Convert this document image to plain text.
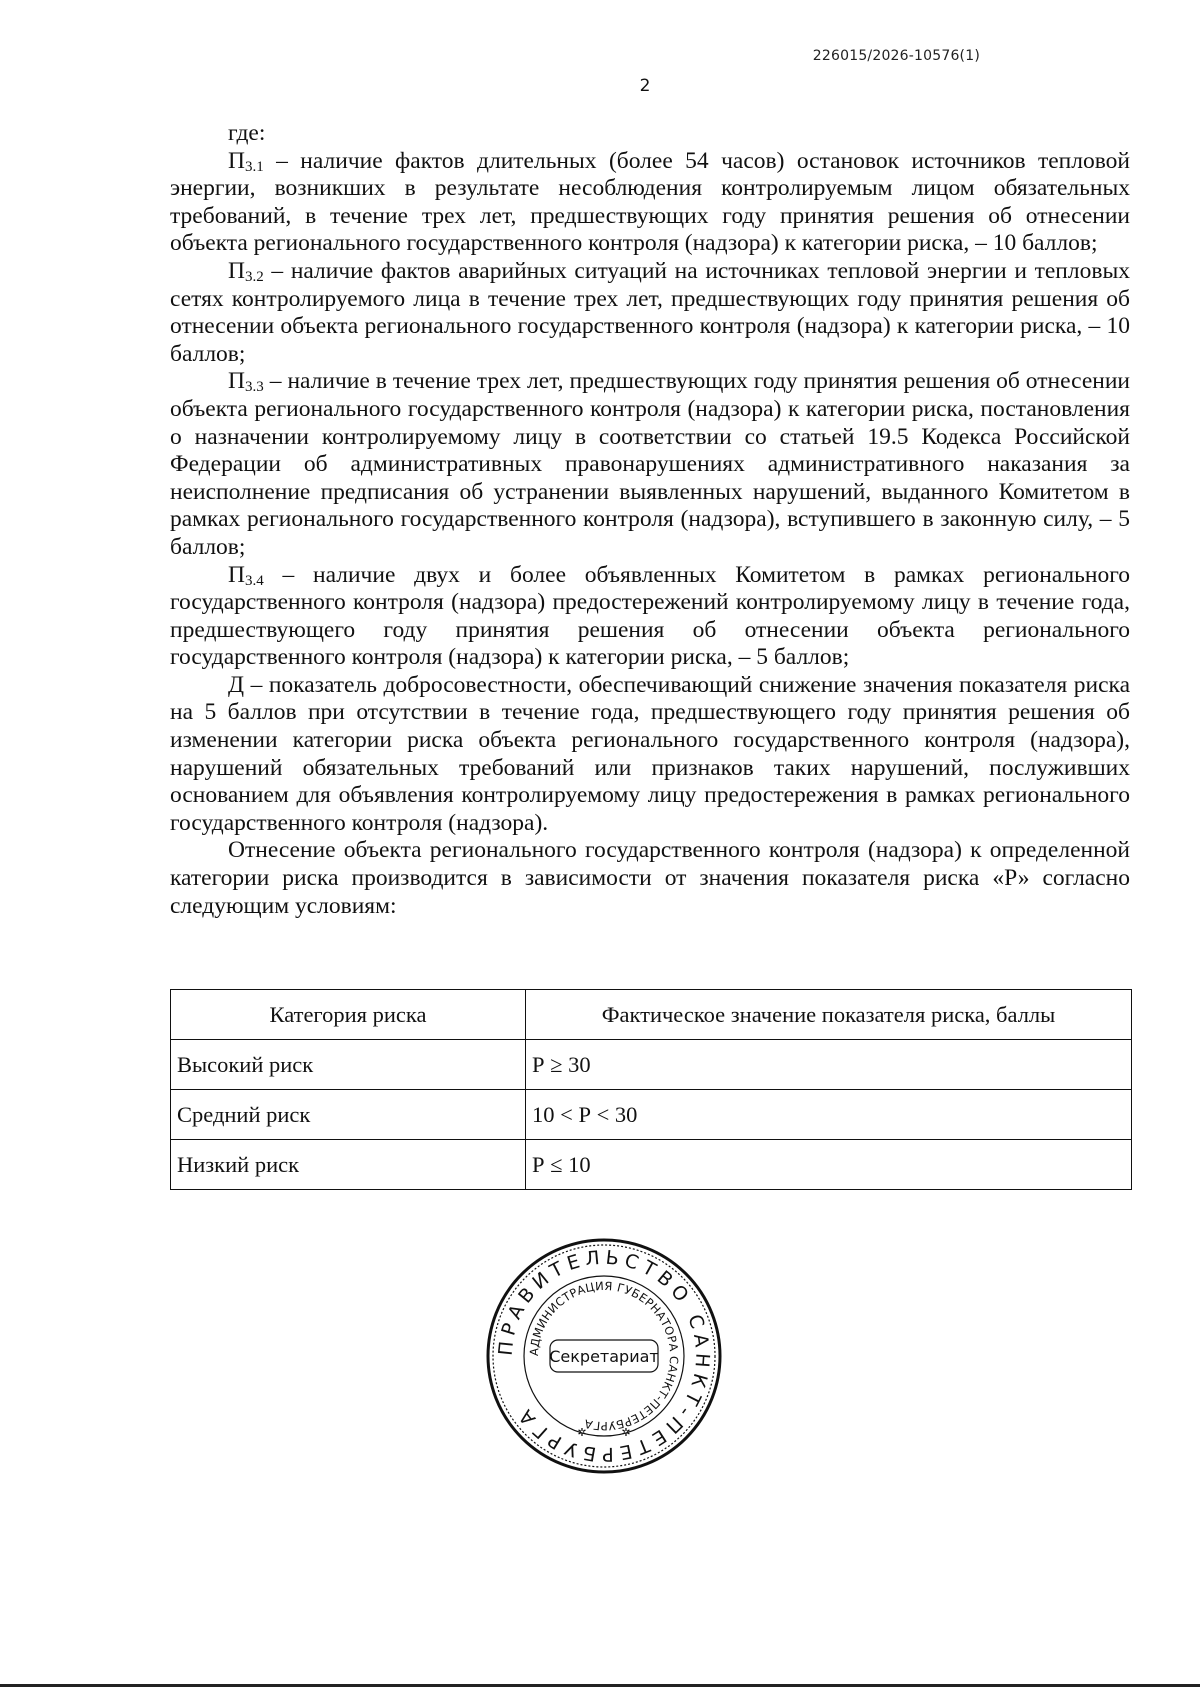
226015/2026-10576(1)
2

где:

$П_{3.1}$ – наличие фактов длительных (более 54 часов) остановок источников тепловой энергии, возникших в результате несоблюдения контролируемым лицом обязательных требований, в течение трех лет, предшествующих году принятия решения об отнесении объекта регионального государственного контроля (надзора) к категории риска, – 10 баллов;

$П_{3.2}$ – наличие фактов аварийных ситуаций на источниках тепловой энергии и тепловых сетях контролируемого лица в течение трех лет, предшествующих году принятия решения об отнесении объекта регионального государственного контроля (надзора) к категории риска, – 10 баллов;

$П_{3.3}$ – наличие в течение трех лет, предшествующих году принятия решения об отнесении объекта регионального государственного контроля (надзора) к категории риска, постановления о назначении контролируемому лицу в соответствии со статьей 19.5 Кодекса Российской Федерации об административных правонарушениях административного наказания за неисполнение предписания об устранении выявленных нарушений, выданного Комитетом в рамках регионального государственного контроля (надзора), вступившего в законную силу, – 5 баллов;

$П_{3.4}$ – наличие двух и более объявленных Комитетом в рамках регионального государственного контроля (надзора) предостережений контролируемому лицу в течение года, предшествующего году принятия решения об отнесении объекта регионального государственного контроля (надзора) к категории риска, – 5 баллов;

Д – показатель добросовестности, обеспечивающий снижение значения показателя риска на 5 баллов при отсутствии в течение года, предшествующего году принятия решения об изменении категории риска объекта регионального государственного контроля (надзора), нарушений обязательных требований или признаков таких нарушений, послуживших основанием для объявления контролируемому лицу предостережения в рамках регионального государственного контроля (надзора).

Отнесение объекта регионального государственного контроля (надзора) к определенной категории риска производится в зависимости от значения показателя риска «Р» согласно следующим условиям:

Категория риска	Фактическое значение показателя риска, баллы
Высокий риск	Р ≥ 30
Средний риск	10 < Р < 30
Низкий риск	Р ≤ 10
ПРАВИТЕЛЬСТВО САНКТ-ПЕТЕРБУРГА
АДМИНИСТРАЦИЯ ГУБЕРНАТОРА САНКТ-ПЕТЕРБУРГА
Секретариат
✲	✲
